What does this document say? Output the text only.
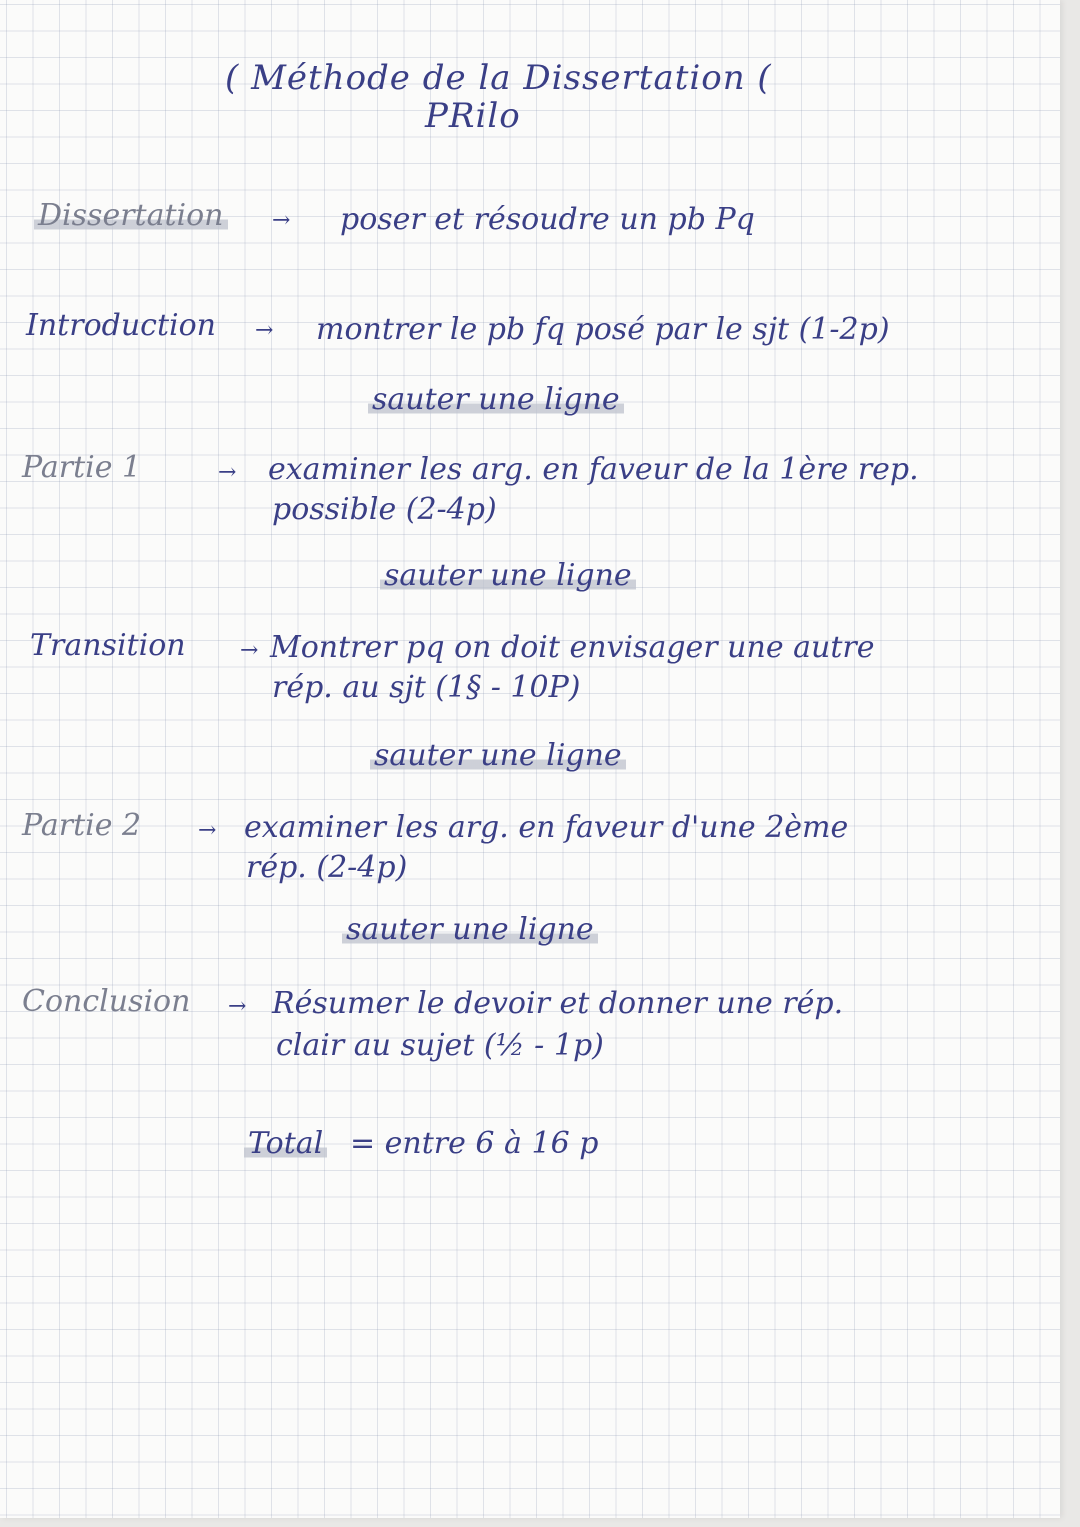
( Méthode de la Dissertation (
PRilo
Dissertation → poser et résoudre un pb Pq
Introduction → montrer le pb fq posé par le sjt (1-2p)
sauter une ligne
Partie 1	→ examiner les arg. en faveur de la 1ère rep.
possible (2-4p)
sauter une ligne
Transition → Montrer pq on doit envisager une autre
rép. au sjt (1§ - 10P)
sauter une ligne
Partie 2	→ examiner les arg. en faveur d'une 2ème
rép. (2-4p)
sauter une ligne
Conclusion → Résumer le devoir et donner une rép.
clair au sujet (½ - 1p)
Total = entre 6 à 16 p
